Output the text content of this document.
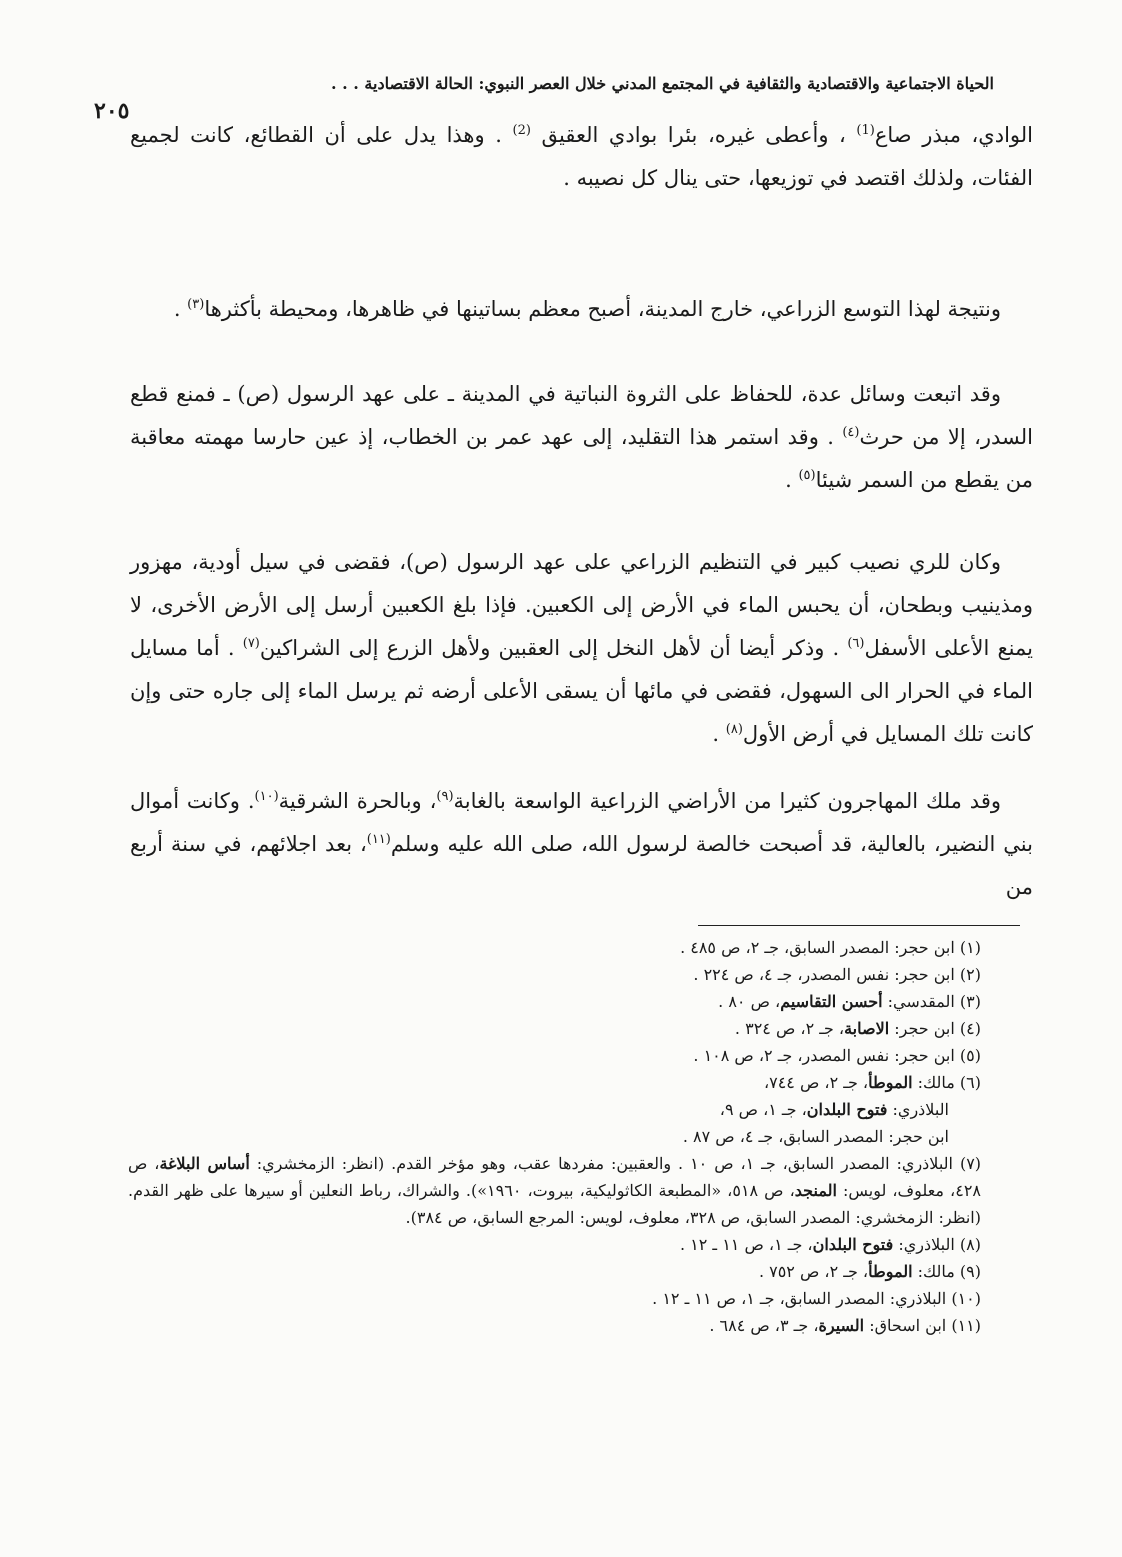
الحياة الاجتماعية والاقتصادية والثقافية في المجتمع المدني خلال العصر النبوي: الحالة الاقتصادية . . .
٢٠٥

الوادي، مبذر صاع$^{(1)}$ ، وأعطى غيره، بئرا بوادي العقيق $^{(2)}$ . وهذا يدل على أن القطائع، كانت لجميع الفئات، ولذلك اقتصد في توزيعها، حتى ينال كل نصيبه .

ونتيجة لهذا التوسع الزراعي، خارج المدينة، أصبح معظم بساتينها في ظاهرها، ومحيطة بأكثرها$^{(٣)}$ .

وقد اتبعت وسائل عدة، للحفاظ على الثروة النباتية في المدينة ـ على عهد الرسول (ص) ـ فمنع قطع السدر، إلا من حرث$^{(٤)}$ . وقد استمر هذا التقليد، إلى عهد عمر بن الخطاب، إذ عين حارسا مهمته معاقبة من يقطع من السمر شيئا$^{(٥)}$ .

وكان للري نصيب كبير في التنظيم الزراعي على عهد الرسول (ص)، فقضى في سيل أودية، مهزور ومذينيب وبطحان، أن يحبس الماء في الأرض إلى الكعبين. فإذا بلغ الكعبين أرسل إلى الأرض الأخرى، لا يمنع الأعلى الأسفل$^{(٦)}$ . وذكر أيضا أن لأهل النخل إلى العقبين ولأهل الزرع إلى الشراكين$^{(٧)}$ . أما مسايل الماء في الحرار الى السهول، فقضى في مائها أن يسقى الأعلى أرضه ثم يرسل الماء إلى جاره حتى وإن كانت تلك المسايل في أرض الأول$^{(٨)}$ .

وقد ملك المهاجرون كثيرا من الأراضي الزراعية الواسعة بالغابة$^{(٩)}$، وبالحرة الشرقية$^{(١٠)}$. وكانت أموال بني النضير، بالعالية، قد أصبحت خالصة لرسول الله، صلى الله عليه وسلم$^{(١١)}$، بعد اجلائهم، في سنة أربع من

(١) ابن حجر: المصدر السابق، جـ ٢، ص ٤٨٥ .
(٢) ابن حجر: نفس المصدر، جـ ٤، ص ٢٢٤ .
(٣) المقدسي: أحسن التقاسيم، ص ٨٠ .
(٤) ابن حجر: الاصابة، جـ ٢، ص ٣٢٤ .
(٥) ابن حجر: نفس المصدر، جـ ٢، ص ١٠٨ .
(٦) مالك: الموطأ، جـ ٢، ص ٧٤٤،
البلاذري: فتوح البلدان، جـ ١، ص ٩،
ابن حجر: المصدر السابق، جـ ٤، ص ٨٧ .
(٧) البلاذري: المصدر السابق، جـ ١، ص ١٠ . والعقبين: مفردها عقب، وهو مؤخر القدم. (انظر: الزمخشري: أساس البلاغة، ص ٤٢٨، معلوف، لويس: المنجد، ص ٥١٨، «المطبعة الكاثوليكية، بيروت، ١٩٦٠»). والشراك، رباط النعلين أو سيرها على ظهر القدم. (انظر: الزمخشري: المصدر السابق، ص ٣٢٨، معلوف، لويس: المرجع السابق، ص ٣٨٤).
(٨) البلاذري: فتوح البلدان، جـ ١، ص ١١ ـ ١٢ .
(٩) مالك: الموطأ، جـ ٢، ص ٧٥٢ .
(١٠) البلاذري: المصدر السابق، جـ ١، ص ١١ ـ ١٢ .
(١١) ابن اسحاق: السيرة، جـ ٣، ص ٦٨٤ .
